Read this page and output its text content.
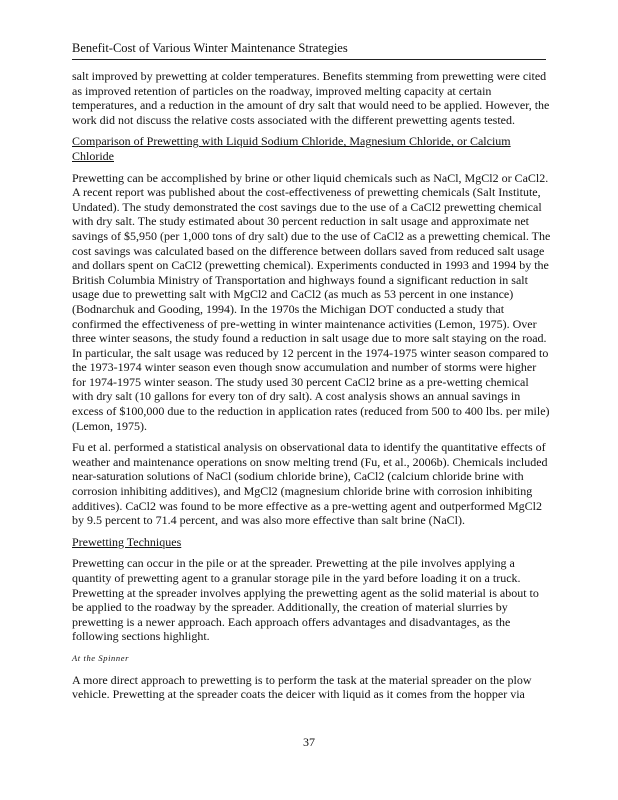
Benefit-Cost of Various Winter Maintenance Strategies

salt improved by prewetting at colder temperatures. Benefits stemming from prewetting were cited as improved retention of particles on the roadway, improved melting capacity at certain temperatures, and a reduction in the amount of dry salt that would need to be applied. However, the work did not discuss the relative costs associated with the different prewetting agents tested.

Comparison of Prewetting with Liquid Sodium Chloride, Magnesium Chloride, or Calcium Chloride

Prewetting can be accomplished by brine or other liquid chemicals such as NaCl, MgCl2 or CaCl2. A recent report was published about the cost-effectiveness of prewetting chemicals (Salt Institute, Undated). The study demonstrated the cost savings due to the use of a CaCl2 prewetting chemical with dry salt. The study estimated about 30 percent reduction in salt usage and approximate net savings of $5,950 (per 1,000 tons of dry salt) due to the use of CaCl2 as a prewetting chemical. The cost savings was calculated based on the difference between dollars saved from reduced salt usage and dollars spent on CaCl2 (prewetting chemical). Experiments conducted in 1993 and 1994 by the British Columbia Ministry of Transportation and highways found a significant reduction in salt usage due to prewetting salt with MgCl2 and CaCl2 (as much as 53 percent in one instance) (Bodnarchuk and Gooding, 1994). In the 1970s the Michigan DOT conducted a study that confirmed the effectiveness of pre-wetting in winter maintenance activities (Lemon, 1975). Over three winter seasons, the study found a reduction in salt usage due to more salt staying on the road. In particular, the salt usage was reduced by 12 percent in the 1974-1975 winter season compared to the 1973-1974 winter season even though snow accumulation and number of storms were higher for 1974-1975 winter season. The study used 30 percent CaCl2 brine as a pre-wetting chemical with dry salt (10 gallons for every ton of dry salt). A cost analysis shows an annual savings in excess of $100,000 due to the reduction in application rates (reduced from 500 to 400 lbs. per mile) (Lemon, 1975).

Fu et al. performed a statistical analysis on observational data to identify the quantitative effects of weather and maintenance operations on snow melting trend (Fu, et al., 2006b). Chemicals included near-saturation solutions of NaCl (sodium chloride brine), CaCl2 (calcium chloride brine with corrosion inhibiting additives), and MgCl2 (magnesium chloride brine with corrosion inhibiting additives). CaCl2 was found to be more effective as a pre-wetting agent and outperformed MgCl2 by 9.5 percent to 71.4 percent, and was also more effective than salt brine (NaCl).

Prewetting Techniques

Prewetting can occur in the pile or at the spreader. Prewetting at the pile involves applying a quantity of prewetting agent to a granular storage pile in the yard before loading it on a truck. Prewetting at the spreader involves applying the prewetting agent as the solid material is about to be applied to the roadway by the spreader. Additionally, the creation of material slurries by prewetting is a newer approach. Each approach offers advantages and disadvantages, as the following sections highlight.

At the Spinner

A more direct approach to prewetting is to perform the task at the material spreader on the plow vehicle. Prewetting at the spreader coats the deicer with liquid as it comes from the hopper via

37
